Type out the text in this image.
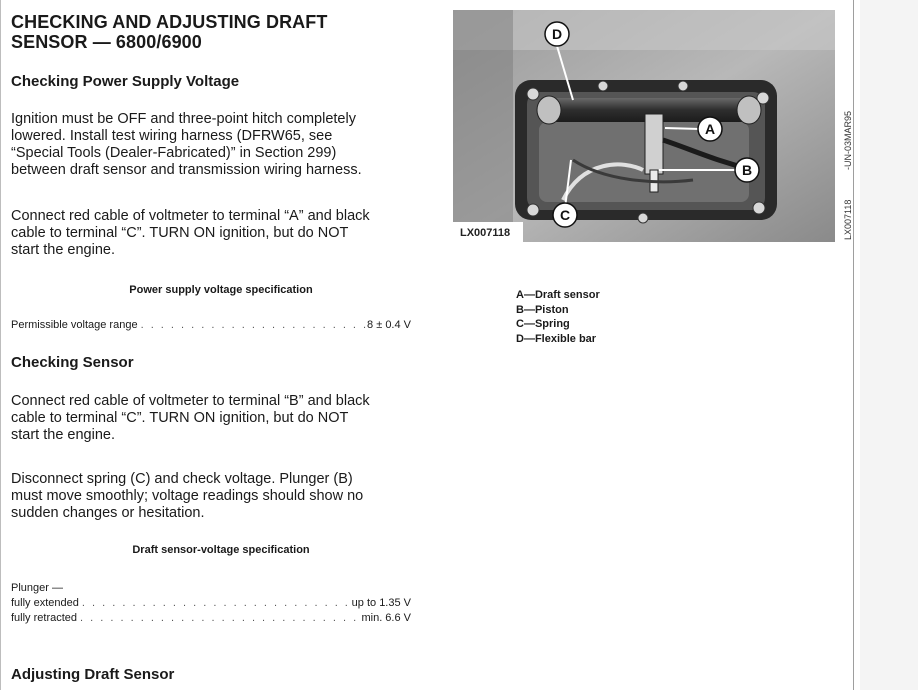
CHECKING AND ADJUSTING DRAFT
SENSOR — 6800/6900
Checking Power Supply Voltage
Ignition must be OFF and three-point hitch completely
lowered. Install test wiring harness (DFRW65, see
“Special Tools (Dealer-Fabricated)” in Section 299)
between draft sensor and transmission wiring harness.
Connect red cable of voltmeter to terminal “A” and black
cable to terminal “C”. TURN ON ignition, but do NOT
start the engine.
Power supply voltage specification
Permissible voltage range . . .	8 ± 0.4 V
Checking Sensor
Connect red cable of voltmeter to terminal “B” and black
cable to terminal “C”. TURN ON ignition, but do NOT
start the engine.
Disconnect spring (C) and check voltage. Plunger (B)
must move smoothly; voltage readings should show no
sudden changes or hesitation.
Draft sensor-voltage specification
Plunger —
fully extended . . .	up to 1.35 V
fully retracted . . .	min. 6.6 V
Adjusting Draft Sensor
D
A
B
C
LX007118
-UN-03MAR95
LX007118
A—Draft sensor
B—Piston
C—Spring
D—Flexible bar
